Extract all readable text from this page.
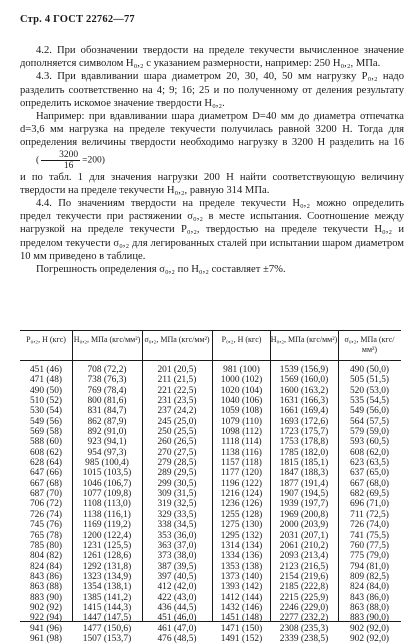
Стр. 4 ГОСТ 22762—77

4.2. При обозначении твердости на пределе текучести вычисленное значение дополняется символом H₀,₂ с указанием размерности, например: 250 H₀,₂, МПа.

4.3. При вдавливании шара диаметром 20, 30, 40, 50 мм нагрузку P₀,₂ надо разделить соответственно на 4; 9; 16; 25 и по полученному от деления результату определить искомое значение твердости H₀,₂.

Например: при вдавливании шара диаметром D=40 мм до диаметра отпечатка d=3,6 мм нагрузка на пределе текучести получилась равной 3200 Н. Тогда для определения величины твердости необходимо нагрузку в 3200 Н разделить на 16 ( $\frac{3200}{16} =200$)

и по табл. 1 для значения нагрузки 200 Н найти соответствующую величину твердости на пределе текучести H₀,₂, равную 314 МПа.

4.4. По значениям твердости на пределе текучести H₀,₂ можно определить предел текучести при растяжении σ₀,₂ в месте испытания. Соотношение между нагрузкой на пределе текучести P₀,₂, твердостью на пределе текучести H₀,₂ и пределом текучести σ₀,₂ для легированных сталей при испытании шаром диаметром 10 мм приведено в таблице.

Погрешность определения σ₀,₂ по H₀,₂ составляет ±7%.

P₀,₂, Н (кгс)
451 (46)
471 (48)
490 (50)
510 (52)
530 (54)
549 (56)
569 (58)
588 (60)
608 (62)
628 (64)
647 (66)
667 (68)
687 (70)
706 (72)
726 (74)
745 (76)
765 (78)
785 (80)
804 (82)
824 (84)
843 (86)
863 (88)
883 (90)
902 (92)
922 (94)
941 (96)
961 (98)
H₀,₂, МПа (кгс/мм²)
708 (72,2)
738 (76,3)
769 (78,4)
800 (81,6)
831 (84,7)
862 (87,9)
892 (91,0)
923 (94,1)
954 (97,3)
985 (100,4)
1015 (103,5)
1046 (106,7)
1077 (109,8)
1108 (113,0)
1138 (116,1)
1169 (119,2)
1200 (122,4)
1231 (125,5)
1261 (128,6)
1292 (131,8)
1323 (134,9)
1354 (138,1)
1385 (141,2)
1415 (144,3)
1447 (147,5)
1477 (150,6)
1507 (153,7)
σ₀,₂, МПа (кгс/мм²)
201 (20,5)
211 (21,5)
221 (22,5)
231 (23,5)
237 (24,2)
245 (25,0)
250 (25,5)
260 (26,5)
270 (27,5)
279 (28,5)
289 (29,5)
299 (30,5)
309 (31,5)
319 (32,5)
329 (33,5)
338 (34,5)
353 (36,0)
363 (37,0)
373 (38,0)
387 (39,5)
397 (40,5)
412 (42,0)
422 (43,0)
436 (44,5)
451 (46,0)
461 (47,0)
476 (48,5)
P₀,₂, Н (кгс)
981 (100)
1000 (102)
1020 (104)
1040 (106)
1059 (108)
1079 (110)
1098 (112)
1118 (114)
1138 (116)
1157 (118)
1177 (120)
1196 (122)
1216 (124)
1236 (126)
1255 (128)
1275 (130)
1295 (132)
1314 (134)
1334 (136)
1353 (138)
1373 (140)
1393 (142)
1412 (144)
1432 (146)
1451 (148)
1471 (150)
1491 (152)
H₀,₂, МПа (кгс/мм²)
1539 (156,9)
1569 (160,0)
1600 (163,2)
1631 (166,3)
1661 (169,4)
1693 (172,6)
1723 (175,7)
1753 (178,8)
1785 (182,0)
1815 (185,1)
1847 (188,3)
1877 (191,4)
1907 (194,5)
1939 (197,7)
1969 (200,8)
2000 (203,9)
2031 (207,1)
2061 (210,2)
2093 (213,4)
2123 (216,5)
2154 (219,6)
2185 (222,8)
2215 (225,9)
2246 (229,0)
2277 (232,2)
2308 (235,3)
2339 (238,5)
σ₀,₂, МПа (кгс/мм²)
490 (50,0)
505 (51,5)
520 (53,0)
535 (54,5)
549 (56,0)
564 (57,5)
579 (59,0)
593 (60,5)
608 (62,0)
623 (63,5)
637 (65,0)
667 (68,0)
682 (69,5)
696 (71,0)
711 (72,5)
726 (74,0)
741 (75,5)
760 (77,5)
775 (79,0)
794 (81,0)
809 (82,5)
824 (84,0)
843 (86,0)
863 (88,0)
883 (90,0)
902 (92,0)
902 (92,0)
